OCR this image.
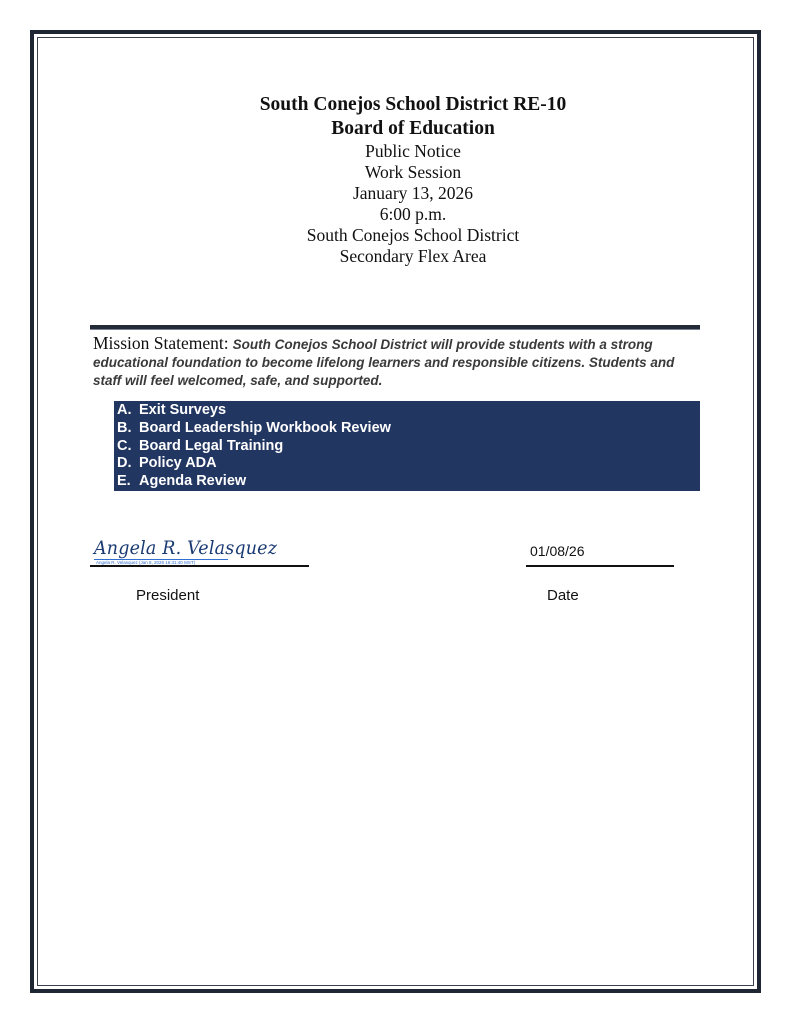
South Conejos School District RE-10
Board of Education
Public Notice
Work Session
January 13, 2026
6:00 p.m.
South Conejos School District
Secondary Flex Area
Mission Statement: South Conejos School District will provide students with a strong educational foundation to become lifelong learners and responsible citizens. Students and staff will feel welcomed, safe, and supported.
A. Exit Surveys
B. Board Leadership Workbook Review
C. Board Legal Training
D. Policy ADA
E. Agenda Review
Angela R. Velasquez
Angela R. Velasquez (Jan 8, 2026 16:31:40 MST)
01/08/26
President	Date
